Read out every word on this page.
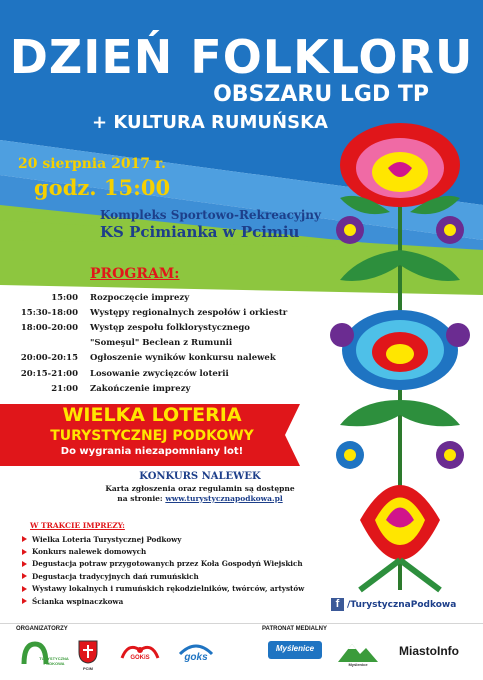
DZIEŃ FOLKLORU
OBSZARU LGD TP
+ KULTURA RUMUŃSKA
20 sierpnia 2017 r.
godz. 15:00
Kompleks Sportowo-Rekreacyjny
KS Pcimianka w Pcimiu
PROGRAM:
15:00	Rozpoczęcie imprezy
15:30-18:00	Występy regionalnych zespołów i orkiestr
18:00-20:00	Występ zespołu folklorystycznego
"Someşul" Beclean z Rumunii
20:00-20:15	Ogłoszenie wyników konkursu nalewek
20:15-21:00	Losowanie zwycięzców loterii
21:00	Zakończenie imprezy
WIELKA LOTERIA
TURYSTYCZNEJ PODKOWY
Do wygrania niezapomniany lot!
KONKURS NALEWEK
Karta zgłoszenia oraz regulamin są dostępne
na stronie: www.turystycznapodkowa.pl
W TRAKCIE IMPREZY:
Wielka Loteria Turystycznej Podkowy
Konkurs nalewek domowych
Degustacja potraw przygotowanych przez Koła Gospodyń Wiejskich
Degustacja tradycyjnych dań rumuńskich
Wystawy lokalnych i rumuńskich rękodzielników, twórców, artystów
Ścianka wspinaczkowa	f /TurystycznaPodkowa
ORGANIZATORZY	PATRONAT MEDIALNY
TURYSTYCZNA PODKOWA
PCIM
GOKiS	goks
Myślenice
Myślenice
MiastoInfo
